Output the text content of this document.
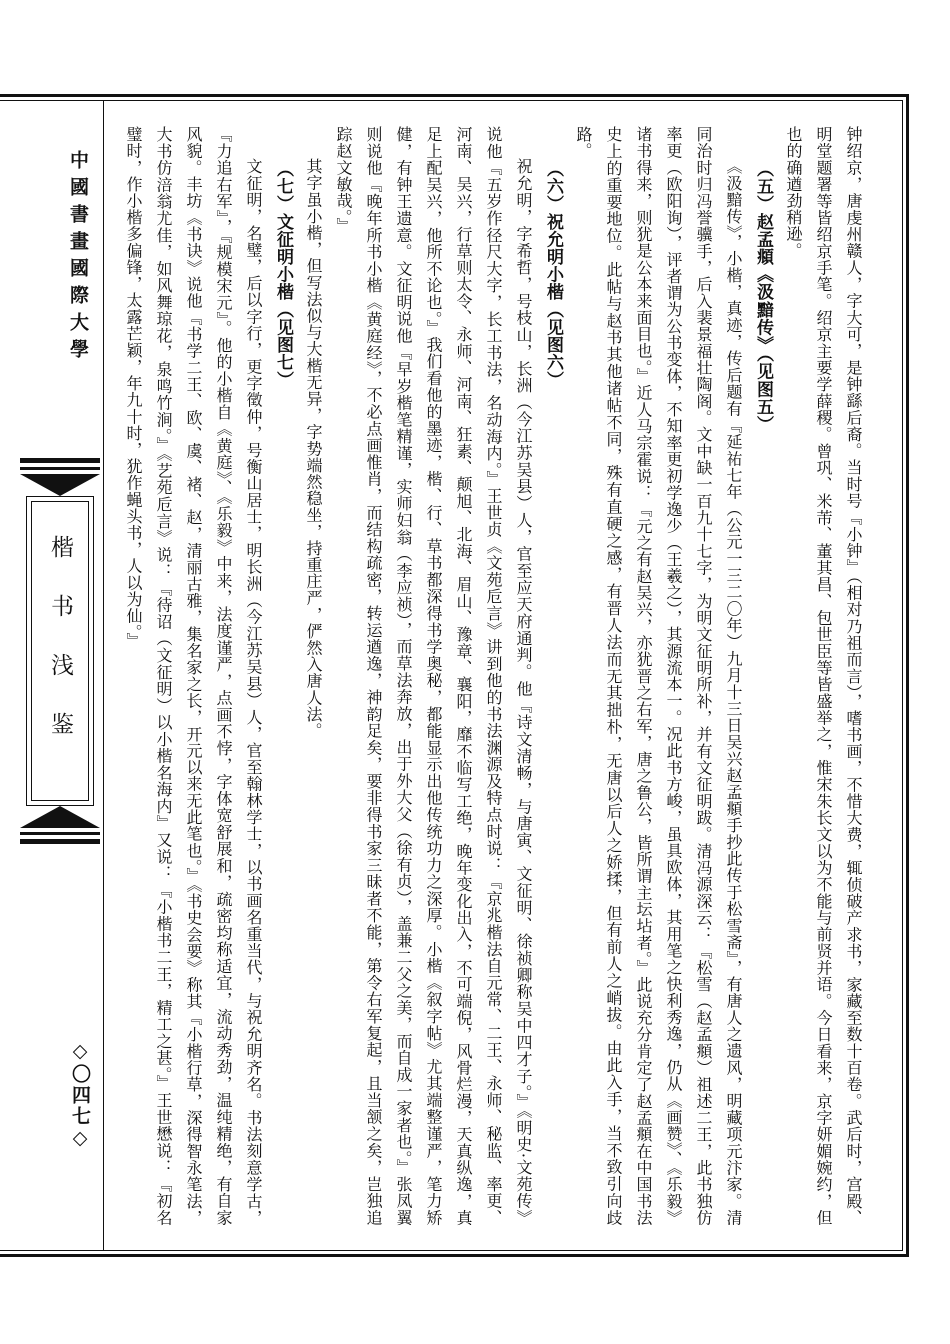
中國書畫國際大學
楷书浅鉴
◇〇四七◇	钟绍京，唐虔州赣人，字大可，是钟繇后裔。当时号『小钟』（相对乃祖而言），嗜书画，不惜大费，辄侦破产求书，家藏至数十百卷。武后时，宫殿、明堂题署等皆绍京手笔。绍京主要学薛稷。曾巩、米芾、董其昌、包世臣等皆盛举之，惟宋朱长文以为不能与前贤并语。今日看来，京字妍媚婉约，但也的确遒劲稍逊。

（五）赵孟頫《汲黯传》（见图五）

《汲黯传》，小楷，真迹，传后题有『延祐七年（公元一三二〇年）九月十三日吴兴赵孟頫手抄此传于松雪斋』，有唐人之遗风，明藏项元汴家。清同治时归冯誉骥手，后入裴景福壮陶阁。文中缺一百九十七字，为明文征明所补，并有文征明跋。清冯源深云：『松雪（赵孟頫）祖述二王，此书独仿率更（欧阳询），评者谓为公书变体，不知率更初学逸少（王羲之），其源流本一。况此书方峻，虽具欧体，其用笔之快利秀逸，仍从《画赞》、《乐毅》诸书得来，则犹是公本来面目也。』近人马宗霍说：『元之有赵吴兴，亦犹晋之右军，唐之鲁公，皆所谓主坛坫者。』此说充分肯定了赵孟頫在中国书法史上的重要地位。此帖与赵书其他诸帖不同，殊有直硬之感，有晋人法而无其拙朴，无唐以后人之娇揉，但有前人之峭拔。由此入手，当不致引向歧路。

（六）祝允明小楷（见图六）

祝允明，字希哲，号枝山，长洲（今江苏吴县）人，官至应天府通判。他『诗文清畅，与唐寅、文征明、徐祯卿称吴中四才子。』《明史·文苑传》说他『五岁作径尺大字，长工书法，名动海内。』王世贞《文苑卮言》讲到他的书法渊源及特点时说：『京兆楷法自元常、二王、永师、秘监、率更、河南、吴兴，行草则太令、永师、河南、狂素、颠旭、北海、眉山、豫章、襄阳，靡不临写工绝，晚年变化出入，不可端倪，风骨烂漫，天真纵逸，真足上配吴兴，他所不论也。』我们看他的墨迹，楷、行、草书都深得书学奥秘，都能显示出他传统功力之深厚。小楷《叙字帖》尤其端整谨严，笔力矫健，有钟王遗意。文征明说他『早岁楷笔精谨，实师妇翁（李应祯），而草法奔放，出于外大父（徐有贞），盖兼二父之美，而自成一家者也。』张凤翼则说他『晚年所书小楷《黄庭经》，不必点画惟肖，而结构疏密，转运遒逸，神韵足矣，要非得书家三昧者不能，第令右军复起，且当颔之矣，岂独追踪赵文敏哉。』

其字虽小楷，但写法似与大楷无异，字势端然稳坐，持重庄严，俨然入唐人法。

（七）文征明小楷（见图七）

文征明，名璧，后以字行，更字徵仲，号衡山居士，明长洲（今江苏吴县）人，官至翰林学士，以书画名重当代，与祝允明齐名。书法刻意学古，『力追右军』，『规模宋元』。他的小楷自《黄庭》、《乐毅》中来，法度谨严，点画不悖，字体宽舒展和，疏密均称适宜，流动秀劲，温纯精绝，有自家风貌。丰坊《书诀》说他『书学二王、欧、虞、褚、赵，清丽古雅，集名家之长，开元以来无此笔也。』《书史会要》称其『小楷行草，深得智永笔法，大书仿涪翁尤佳，如风舞琼花，泉鸣竹涧。』《艺苑卮言》说：『待诏（文征明）以小楷名海内』又说：『小楷书二王，精工之甚。』王世懋说：『初名璧时，作小楷多偏锋，太露芒颖，年九十时，犹作蝇头书，人以为仙。』
